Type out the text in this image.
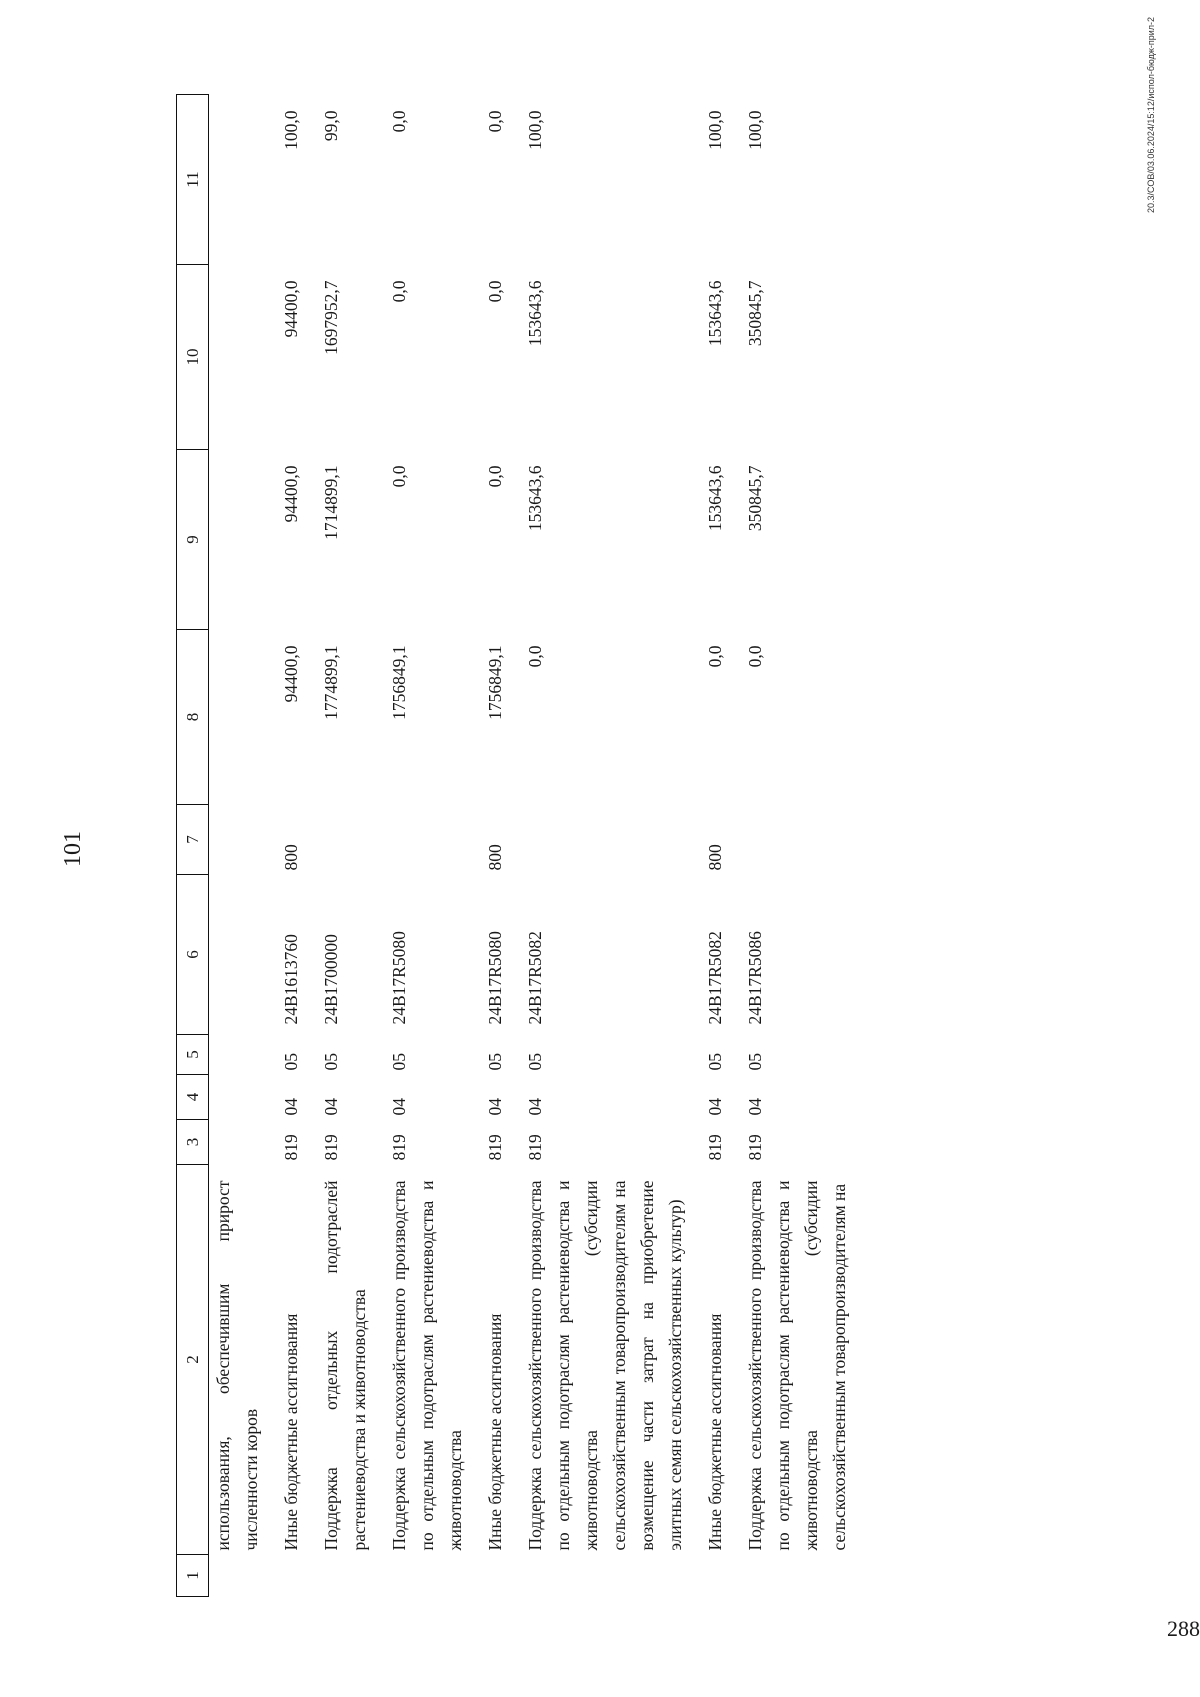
101
1	2	3	4	5	6	7	8	9	10	11
	использования, обеспечившим прирост численности коров									

	Иные бюджетные ассигнования	819	04	05	24В1613760	800	94400,0	94400,0	94400,0	100,0

	Поддержка отдельных подотраслей растениеводства и животноводства	819	04	05	24В1700000		1774899,1	1714899,1	1697952,7	99,0

	Поддержка сельскохозяйственного производства по отдельным подотраслям растениеводства и животноводства	819	04	05	24В17R5080		1756849,1	0,0	0,0	0,0

	Иные бюджетные ассигнования	819	04	05	24В17R5080	800	1756849,1	0,0	0,0	0,0

	Поддержка сельскохозяйственного производства по отдельным подотраслям растениеводства и животноводства (субсидии сельскохозяйственным товаропроизводителям на возмещение части затрат на приобретение элитных семян сельскохозяйственных культур)	819	04	05	24В17R5082		0,0	153643,6	153643,6	100,0

	Иные бюджетные ассигнования	819	04	05	24В17R5082	800	0,0	153643,6	153643,6	100,0

	Поддержка сельскохозяйственного производства по отдельным подотраслям растениеводства и животноводства (субсидии сельскохозяйственным товаропроизводителям на	819	04	05	24В17R5086		0,0	350845,7	350845,7	100,0	20.3/СОВ/03.06.2024/15:12/испол-бюдж-прил-2
288
